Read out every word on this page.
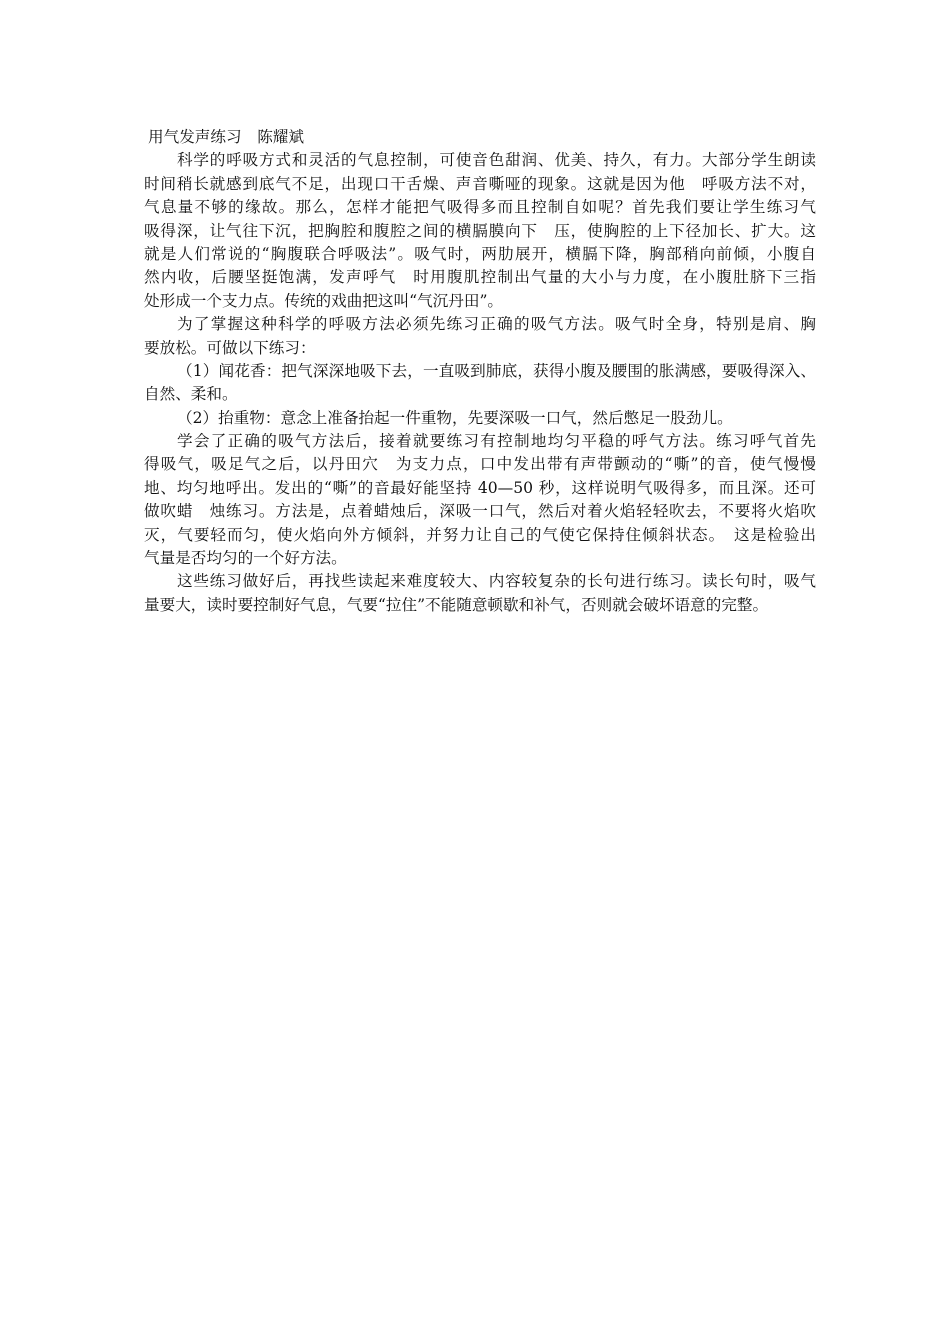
用气发声练习　 陈耀斌
科学的呼吸方式和灵活的气息控制，可使音色甜润、优美、持久，有力。大部分学生朗读
时间稍长就感到底气不足，出现口干舌燥、声音嘶哑的现象。这就是因为他　呼吸方法不对，
气息量不够的缘故。那么，怎样才能把气吸得多而且控制自如呢？首先我们要让学生练习气
吸得深，让气往下沉，把胸腔和腹腔之间的横膈膜向下　压，使胸腔的上下径加长、扩大。这
就是人们常说的“胸腹联合呼吸法”。吸气时，两肋展开，横膈下降，胸部稍向前倾，小腹自
然内收，后腰坚挺饱满，发声呼气　时用腹肌控制出气量的大小与力度，在小腹肚脐下三指
处形成一个支力点。传统的戏曲把这叫“气沉丹田”。
为了掌握这种科学的呼吸方法必须先练习正确的吸气方法。吸气时全身，特别是肩、胸
要放松。可做以下练习：
（1）闻花香：把气深深地吸下去，一直吸到肺底，获得小腹及腰围的胀满感，要吸得深入、
自然、柔和。
（2）抬重物：意念上准备抬起一件重物，先要深吸一口气，然后憋足一股劲儿。
学会了正确的吸气方法后，接着就要练习有控制地均匀平稳的呼气方法。练习呼气首先
得吸气，吸足气之后，以丹田穴　为支力点，口中发出带有声带颤动的“嘶”的音，使气慢慢
地、均匀地呼出。发出的“嘶”的音最好能坚持 40—50 秒，这样说明气吸得多，而且深。还可
做吹蜡　烛练习。方法是，点着蜡烛后，深吸一口气，然后对着火焰轻轻吹去，不要将火焰吹
灭，气要轻而匀，使火焰向外方倾斜，并努力让自己的气使它保持住倾斜状态。　这是检验出
气量是否均匀的一个好方法。
这些练习做好后，再找些读起来难度较大、内容较复杂的长句进行练习。读长句时，吸气
量要大，读时要控制好气息，气要“拉住”不能随意顿歇和补气，否则就会破坏语意的完整。
